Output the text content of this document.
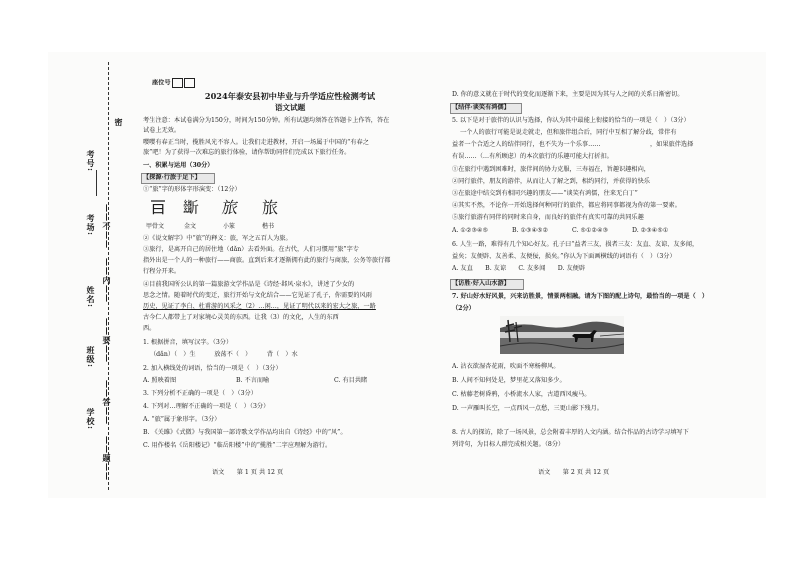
密
考号:
——不——
考场:
——内——
姓名:
——要——
班级:
——答——
学校:
——题——
座位号
2024年泰安县初中毕业与升学适应性检测考试
语文试题
考生注意：本试卷满分为150分，时间为150分钟。所有试题均须答在答题卡上作答，答在
试卷上无效。
嘤嘤有春正当时，揽胜风光不容人。让我们走进教材，开启一场属于中国的“有春之
旅”吧！为了获得一次难忘的旅行体验，请你帮助同伴们完成以下旅行任务。
一、积累与运用（30分）
【探源·行旅于足下】
①“旅”字的形体字形演变：（12分）
𣄼 𣃔 旅 旅
甲骨文	金文	小篆	楷书
②《说文解字》中“旅”的释义：旅，军之五百人为旅。
③旅行，是离开自己的居住地（dǎn）去看外面。在古代，人们习惯用“旅”字专
指外出是一个人的一种旅行——商旅。直到后来才逐渐拥有此的旅行与商旅，公务等旅行都
行程分开来。
④目前我国所公认的第一篇旅游文学作品是《诗经·邶风·泉水》，讲述了少女的
思念之情。随着时代的变迁，旅行开始与文化结合——它见证了孔子，你需要的风雨
历史，见证了李白、杜甫游的风采之（2）…闲…，见证了明代以来的宏大之旅，一路
古今仁人都带上了对家境心灵美的东西。让我（3）的文化，人生的东西
西。
1. 根据拼音，填写汉字。（3分）
（dǎn）（　）生　　　放荡不（　）　　　背（　）水
2. 加入横线处的词语，恰当的一项是（　）（3分）
A. 照映着图	B. 不言而喻	C. 有目共睹
3. 下列分析不正确的一项是（　）（3分）
4. 下列对…理解不正确的一项是（　）（3分）
A. “旅”属于象形字。（3分）
B. 《关雎》《式微》与我国第一部诗歌文学作品均出自《诗经》中的“风”。
C. 用作楼名《岳阳楼记》“临岳阳楼”中的“揽胜”二字应理解为游行。
语文　　第 1 页 共 12 页
D. 你的意义就在于时代的变化而逐渐下来，主要是因为其与人之间的关系日渐密切。
【结伴·谈笑有鸿儒】
5. 以下是对于旅伴的认识与选择，你认为其中最能上衔接的恰当的一项是（　）（3分）
一个人的旅行可能是说走就走，但和旅伴组合后，同行中互相了解分歧，常伴有
益者一个合适之人的结伴同行，也不失为一个乐事……　　　　　　　　，如果旅伴选择
有误……（…有所顾虑）的本次旅行的乐趣可能大打折扣。
①在旅行中遇到困难时，旅伴间的协力克服，三寿福在，旨趣识趣相向，
②同行旅伴，朋友的游伴，从而让人了解之到，相约同行，并获得的快乐
③在旅途中结交到有相同兴趣的朋友——“谈笑有鸿儒，往来无白丁”
④其实不然，不论你一开始选择何种同行的旅伴，都应将同事都视为你的第一要素。
⑤旅行旅游有同伴的同时来自身，而良好的旅伴有真实可靠的共同乐趣
A. ①②③④⑤	B. ①③④⑤②	C. ⑤①②④③	D. ②③④⑤①
6. 人生一路，难得有几个知心好友。孔子曰“益者三友，损者三友：友直、友谅、友多闻，
益矣；友便辟、友善柔、友便佞，损矣。”你认为下面画横线的词语有（　）（3分）
A. 友直　　B. 友谅　　C. 友多闻　　D. 友便辟
【访胜·好入山水游】
7. 好山好水好风景，兴来访胜景，情景两相融。请为下图的配上诗句，最恰当的一项是（　）
（2分）
A. 沾衣欲湿杏花雨，吹面不寒杨柳风。
B. 人间不知何处是，梦里花又落知多少。
C. 枯藤老树昏鸦，小桥流水人家，古道西风瘦马。
D. 一声雁叫长空，一点西风一点愁，三更山影下残月。
8. 古人的探访，除了一场风景，总会附着丰厚的人文内涵。结合作品的古诗学习填写下
列诗句，为目标人群完成相关题。（8分）
语文　　第 2 页 共 12 页
